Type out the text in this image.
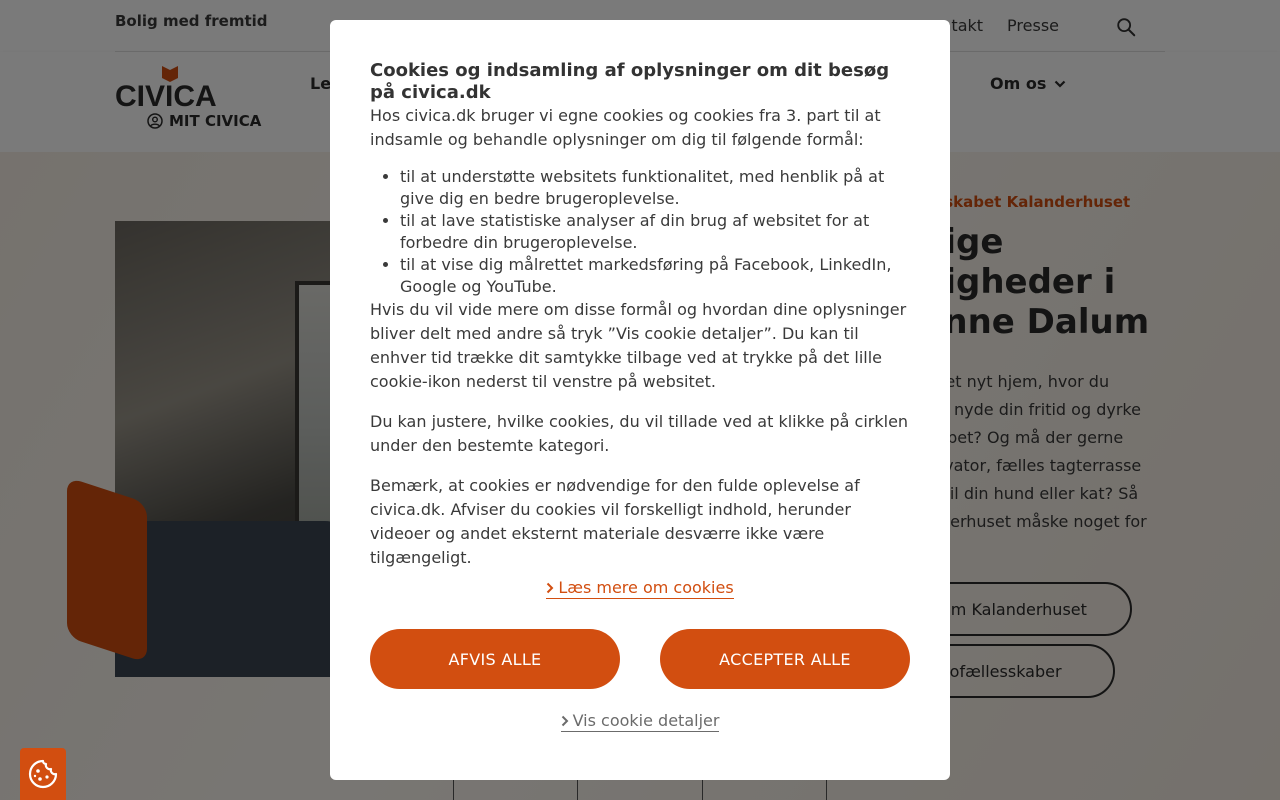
Cookies og indsamling af oplysninger om dit besøg på civica.dk

Hos civica.dk bruger vi egne cookies og cookies fra 3. part til at indsamle og behandle oplysninger om dig til følgende formål:

• til at understøtte websitets funktionalitet, med henblik på at give dig en bedre brugeroplevelse.
• til at lave statistiske analyser af din brug af websitet for at forbedre din brugeroplevelse.
• til at vise dig målrettet markedsføring på Facebook, LinkedIn, Google og YouTube.

Hvis du vil vide mere om disse formål og hvordan dine oplysninger bliver delt med andre så tryk ”Vis cookie detaljer”. Du kan til enhver tid trække dit samtykke tilbage ved at trykke på det lille cookie-ikon nederst til venstre på websitet.

Du kan justere, hvilke cookies, du vil tillade ved at klikke på cirklen under den bestemte kategori.

Bemærk, at cookies er nødvendige for den fulde oplevelse af civica.dk. Afviser du cookies vil forskelligt indhold, herunder videoer og andet eksternt materiale desværre ikke være tilgængeligt.

Læs mere om cookies
AFVIS ALLE	ACCEPTER ALLE
Vis cookie detaljer
